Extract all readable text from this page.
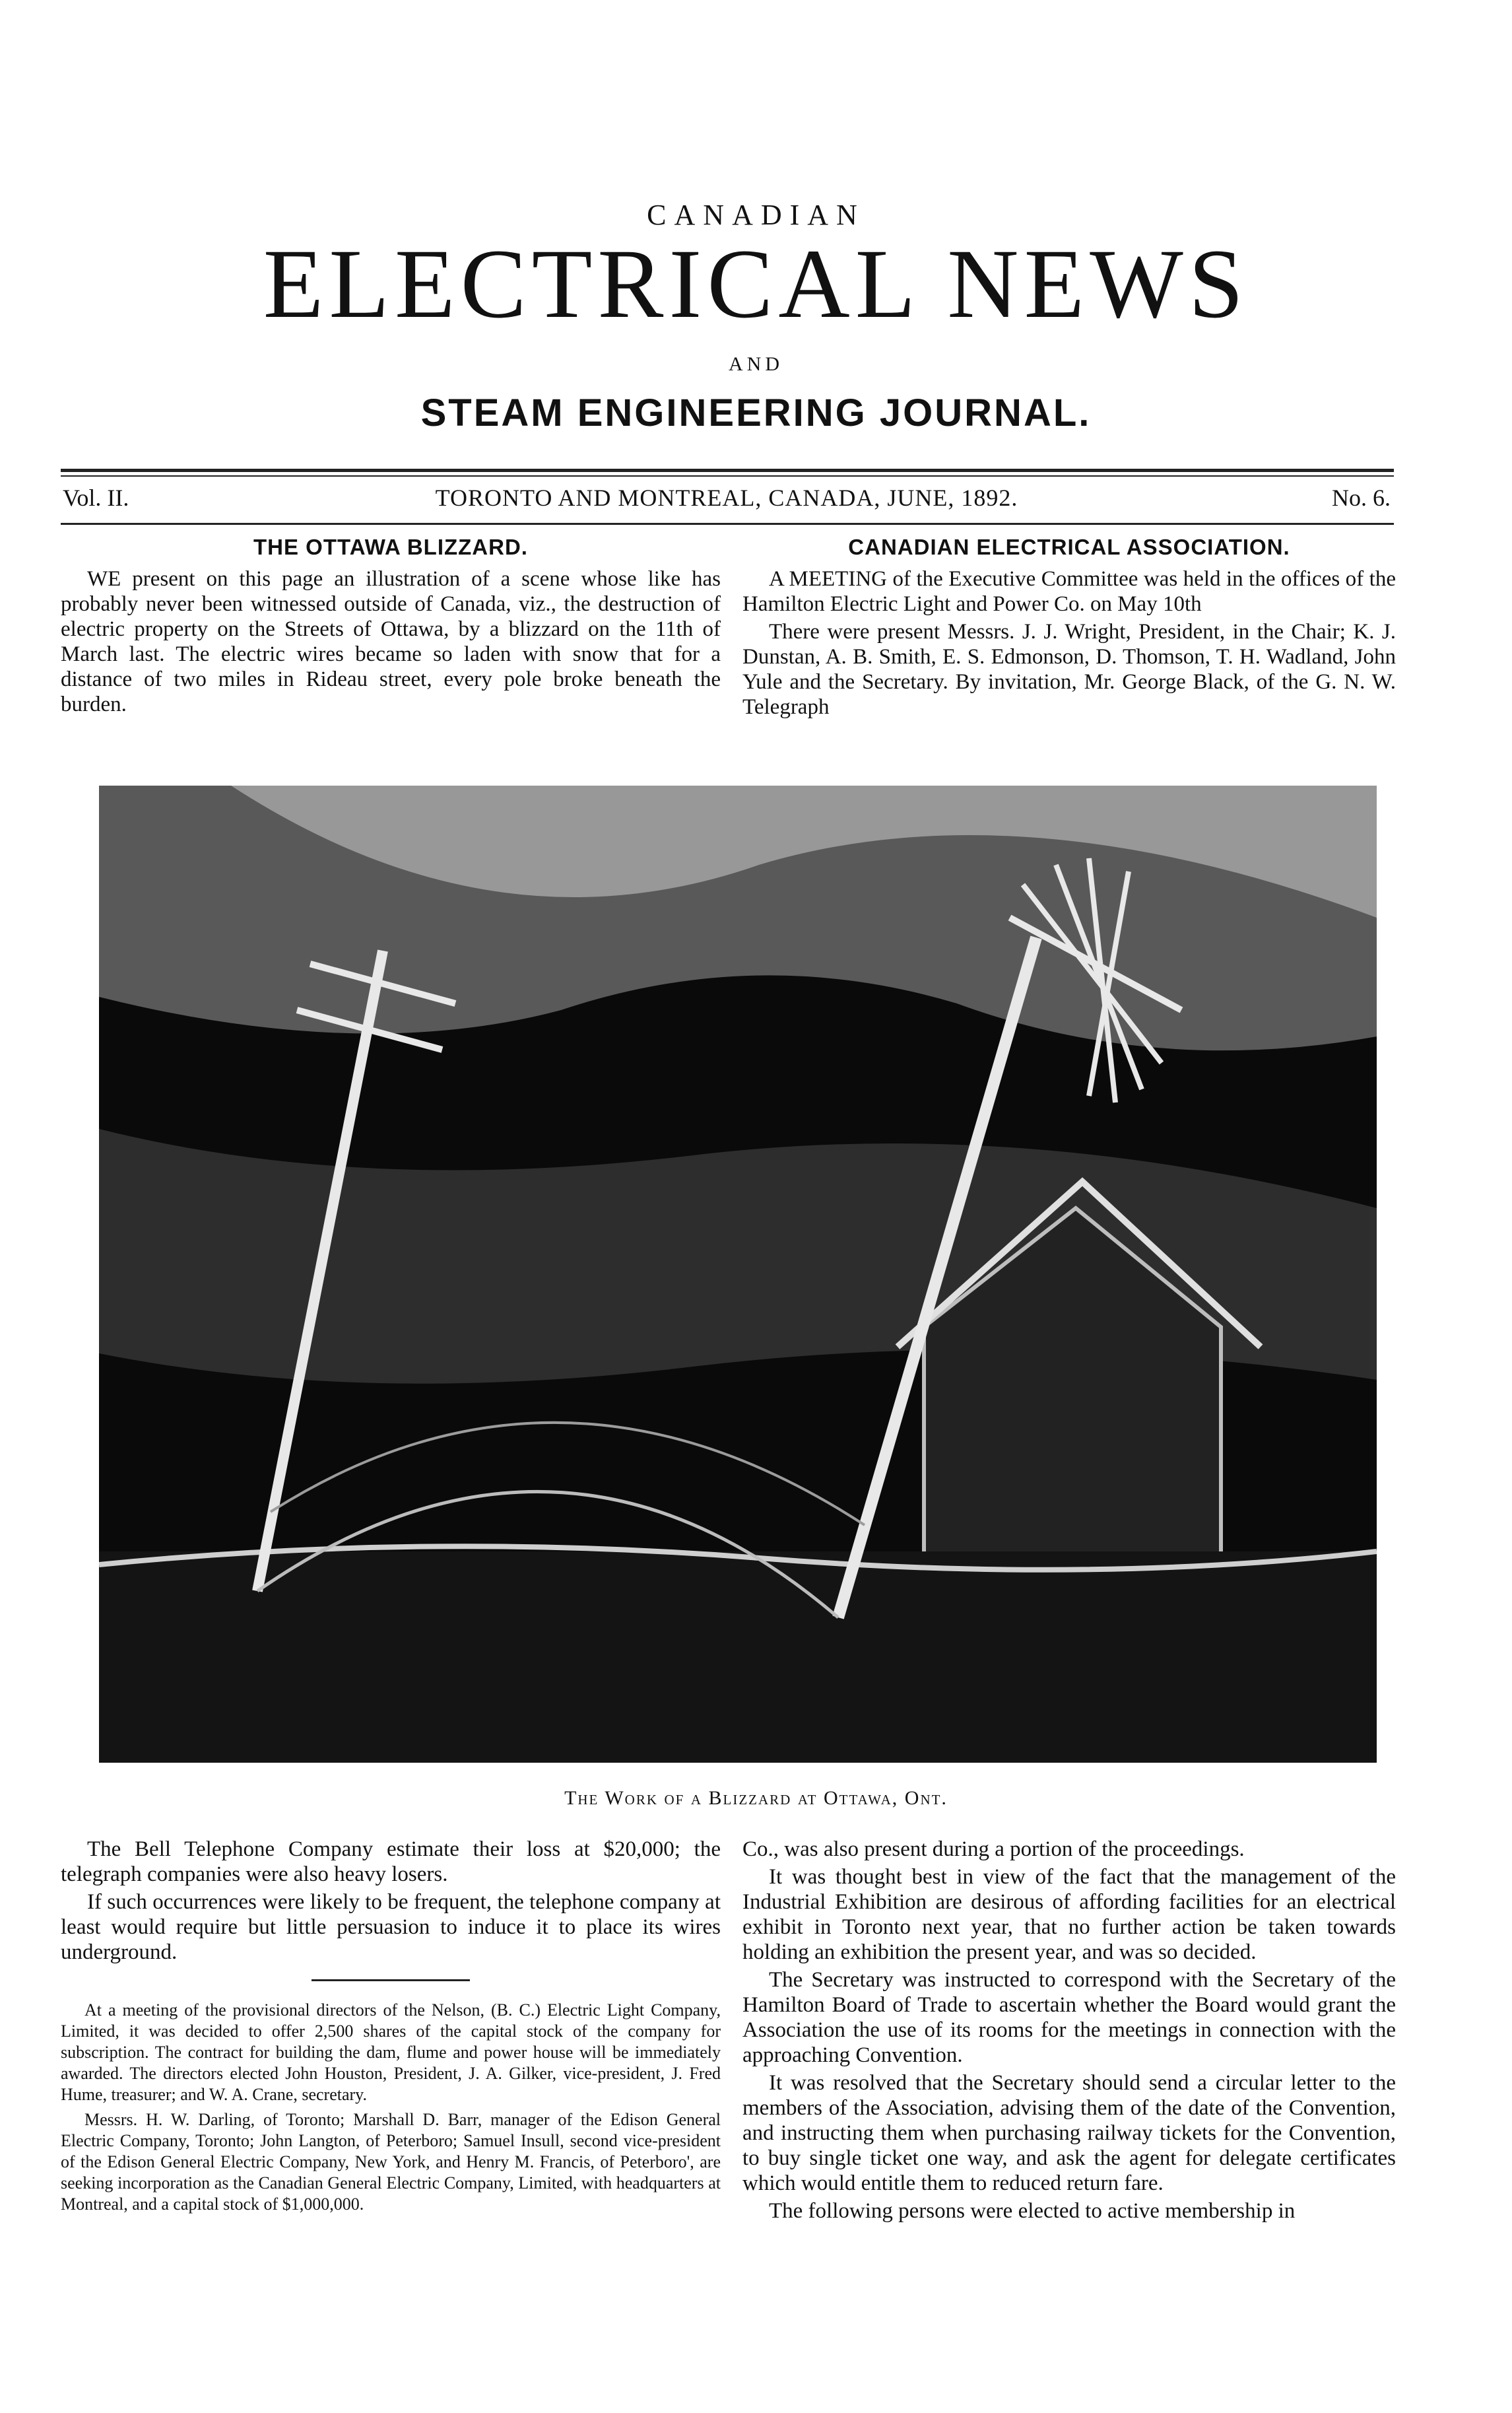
CANADIAN
ELECTRICAL NEWS
AND
STEAM ENGINEERING JOURNAL.
Vol. II.	TORONTO AND MONTREAL, CANADA, JUNE, 1892.	No. 6.
THE OTTAWA BLIZZARD.
WE present on this page an illustration of a scene whose like has probably never been witnessed outside of Canada, viz., the destruction of electric property on the Streets of Ottawa, by a blizzard on the 11th of March last. The electric wires became so laden with snow that for a distance of two miles in Rideau street, every pole broke beneath the burden.
CANADIAN ELECTRICAL ASSOCIATION.
A MEETING of the Executive Committee was held in the offices of the Hamilton Electric Light and Power Co. on May 10th
There were present Messrs. J. J. Wright, President, in the Chair; K. J. Dunstan, A. B. Smith, E. S. Edmonson, D. Thomson, T. H. Wadland, John Yule and the Secretary. By invitation, Mr. George Black, of the G. N. W. Telegraph
The Work of a Blizzard at Ottawa, Ont.
The Bell Telephone Company estimate their loss at $20,000; the telegraph companies were also heavy losers.
If such occurrences were likely to be frequent, the telephone company at least would require but little persuasion to induce it to place its wires underground.
At a meeting of the provisional directors of the Nelson, (B. C.) Electric Light Company, Limited, it was decided to offer 2,500 shares of the capital stock of the company for subscription. The contract for building the dam, flume and power house will be immediately awarded. The directors elected John Houston, President, J. A. Gilker, vice-president, J. Fred Hume, treasurer; and W. A. Crane, secretary.
Messrs. H. W. Darling, of Toronto; Marshall D. Barr, manager of the Edison General Electric Company, Toronto; John Langton, of Peterboro; Samuel Insull, second vice-president of the Edison General Electric Company, New York, and Henry M. Francis, of Peterboro', are seeking incorporation as the Canadian General Electric Company, Limited, with headquarters at Montreal, and a capital stock of $1,000,000.
Co., was also present during a portion of the proceedings.
It was thought best in view of the fact that the management of the Industrial Exhibition are desirous of affording facilities for an electrical exhibit in Toronto next year, that no further action be taken towards holding an exhibition the present year, and was so decided.
The Secretary was instructed to correspond with the Secretary of the Hamilton Board of Trade to ascertain whether the Board would grant the Association the use of its rooms for the meetings in connection with the approaching Convention.
It was resolved that the Secretary should send a circular letter to the members of the Association, advising them of the date of the Convention, and instructing them when purchasing railway tickets for the Convention, to buy single ticket one way, and ask the agent for delegate certificates which would entitle them to reduced return fare.
The following persons were elected to active membership in
